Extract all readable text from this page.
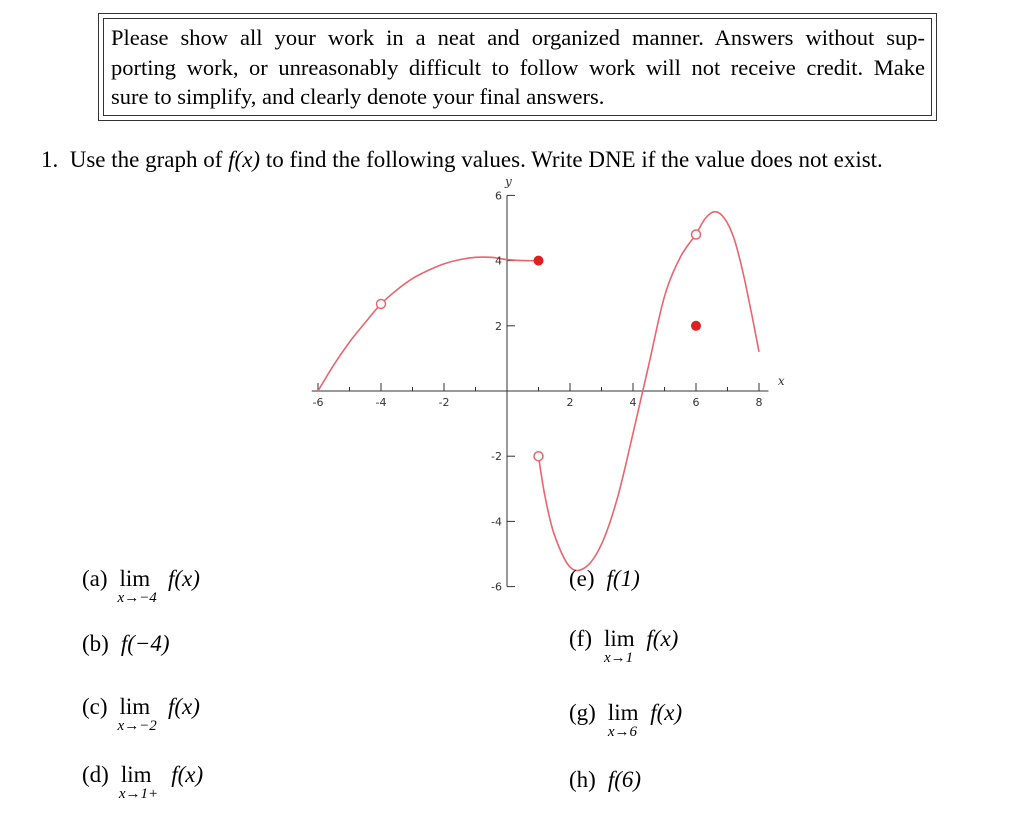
Please show all your work in a neat and organized manner. Answers without sup-
porting work, or unreasonably difficult to follow work will not receive credit. Make
sure to simplify, and clearly denote your final answers.
1. Use the graph of f(x) to find the following values. Write DNE if the value does not exist.
-6	-4	-2	2	4	6	8
6
4
2
-2
-4
-6
x
y
(a) lim
x→−4
f(x)
(b) f(−4)
(c) lim
x→−2
f(x)
(d) lim
x→1+
f(x)
(e) f(1)
(f) lim
x→1
f(x)
(g) lim
x→6
f(x)
(h) f(6)
